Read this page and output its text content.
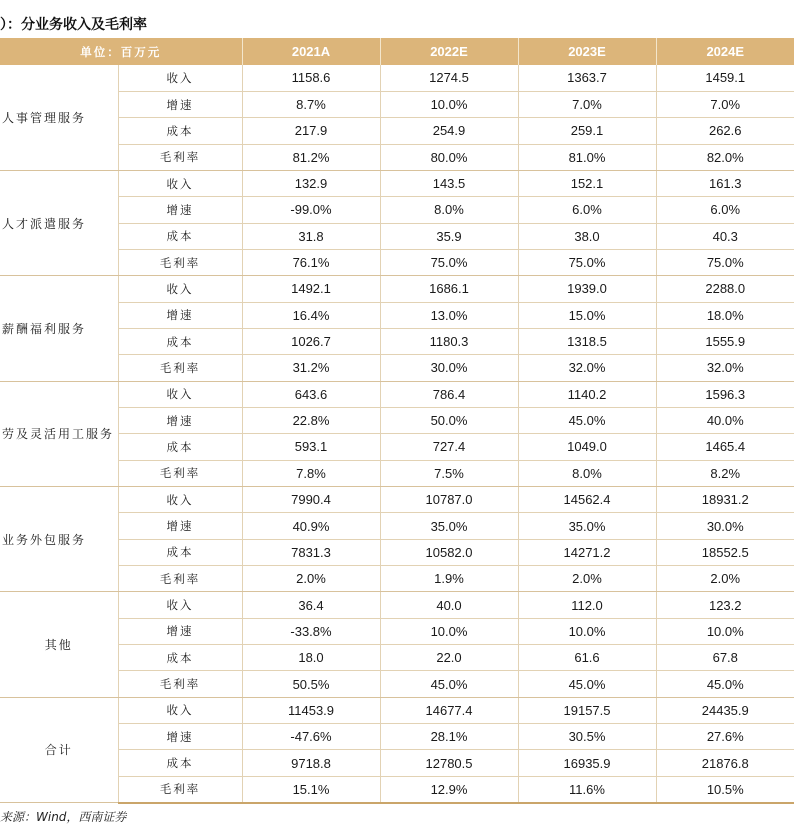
）：分业务收入及毛利率
单位：百万元		2021A	2022E	2023E	2024E
人事管理服务	收入	1158.6	1274.5	1363.7	1459.1
	增速	8.7%	10.0%	7.0%	7.0%
	成本	217.9	254.9	259.1	262.6
	毛利率	81.2%	80.0%	81.0%	82.0%
人才派遣服务	收入	132.9	143.5	152.1	161.3
	增速	-99.0%	8.0%	6.0%	6.0%
	成本	31.8	35.9	38.0	40.3
	毛利率	76.1%	75.0%	75.0%	75.0%
薪酬福利服务	收入	1492.1	1686.1	1939.0	2288.0
	增速	16.4%	13.0%	15.0%	18.0%
	成本	1026.7	1180.3	1318.5	1555.9
	毛利率	31.2%	30.0%	32.0%	32.0%
劳及灵活用工服务	收入	643.6	786.4	1140.2	1596.3
	增速	22.8%	50.0%	45.0%	40.0%
	成本	593.1	727.4	1049.0	1465.4
	毛利率	7.8%	7.5%	8.0%	8.2%
业务外包服务	收入	7990.4	10787.0	14562.4	18931.2
	增速	40.9%	35.0%	35.0%	30.0%
	成本	7831.3	10582.0	14271.2	18552.5
	毛利率	2.0%	1.9%	2.0%	2.0%
其他	收入	36.4	40.0	112.0	123.2
	增速	-33.8%	10.0%	10.0%	10.0%
	成本	18.0	22.0	61.6	67.8
	毛利率	50.5%	45.0%	45.0%	45.0%
合计	收入	11453.9	14677.4	19157.5	24435.9
	增速	-47.6%	28.1%	30.5%	27.6%
	成本	9718.8	12780.5	16935.9	21876.8
	毛利率	15.1%	12.9%	11.6%	10.5%
来源：Wind，西南证券
